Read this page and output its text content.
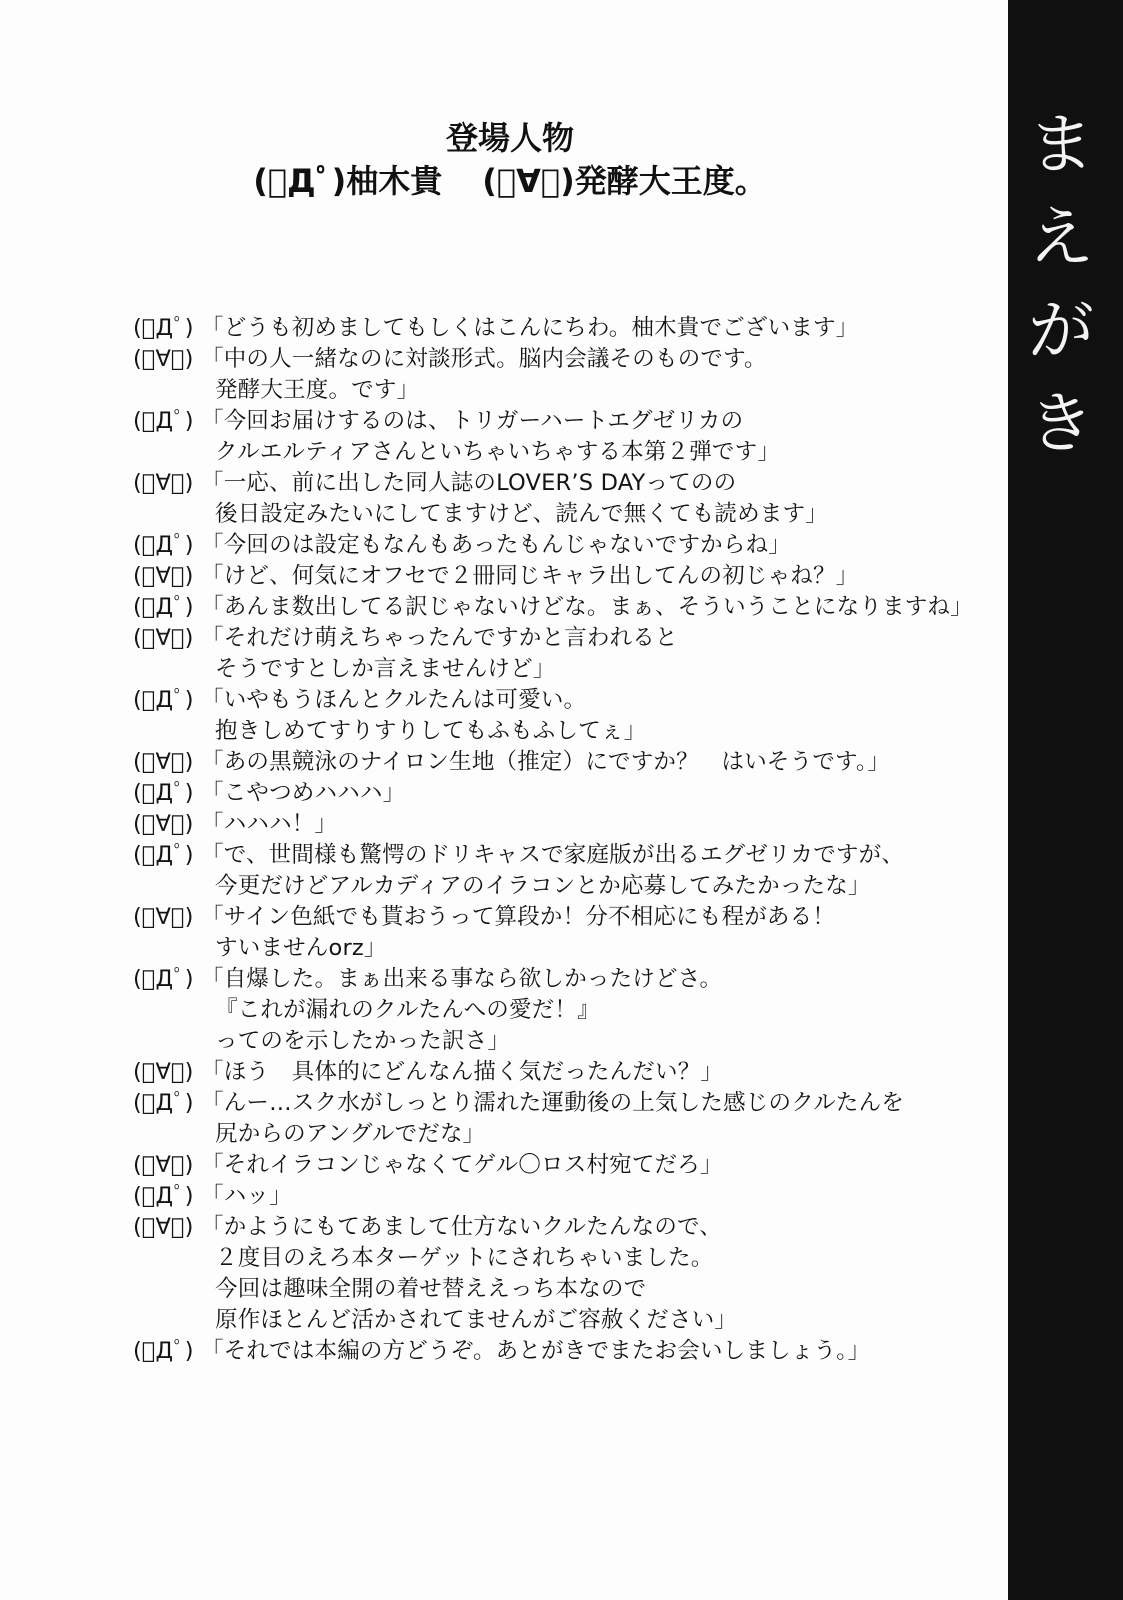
登場人物
(ﾟДﾟ)柚木貴 (ﾟ∀ﾟ)発酵大王度。
(ﾟДﾟ) 「どうも初めましてもしくはこんにちわ。柚木貴でございます」
(ﾟ∀ﾟ) 「中の人一緒なのに対談形式。脳内会議そのものです。
発酵大王度。です」
(ﾟДﾟ) 「今回お届けするのは、トリガーハートエグゼリカの
クルエルティアさんといちゃいちゃする本第２弾です」
(ﾟ∀ﾟ) 「一応、前に出した同人誌のLOVER’S DAYってのの
後日設定みたいにしてますけど、読んで無くても読めます」
(ﾟДﾟ) 「今回のは設定もなんもあったもんじゃないですからね」
(ﾟ∀ﾟ) 「けど、何気にオフセで２冊同じキャラ出してんの初じゃね？」
(ﾟДﾟ) 「あんま数出してる訳じゃないけどな。まぁ、そういうことになりますね」
(ﾟ∀ﾟ) 「それだけ萌えちゃったんですかと言われると
そうですとしか言えませんけど」
(ﾟДﾟ) 「いやもうほんとクルたんは可愛い。
抱きしめてすりすりしてもふもふしてぇ」
(ﾟ∀ﾟ) 「あの黒競泳のナイロン生地（推定）にですか？　はいそうです。」
(ﾟДﾟ) 「こやつめハハハ」
(ﾟ∀ﾟ) 「ハハハ！」
(ﾟДﾟ) 「で、世間様も驚愕のドリキャスで家庭版が出るエグゼリカですが、
今更だけどアルカディアのイラコンとか応募してみたかったな」
(ﾟ∀ﾟ) 「サイン色紙でも貰おうって算段か！分不相応にも程がある！
すいませんorz」
(ﾟДﾟ) 「自爆した。まぁ出来る事なら欲しかったけどさ。
『これが漏れのクルたんへの愛だ！』
ってのを示したかった訳さ」
(ﾟ∀ﾟ) 「ほう　具体的にどんなん描く気だったんだい？」
(ﾟДﾟ) 「んー…スク水がしっとり濡れた運動後の上気した感じのクルたんを
尻からのアングルでだな」
(ﾟ∀ﾟ) 「それイラコンじゃなくてゲル〇ロス村宛てだろ」
(ﾟДﾟ) 「ハッ」
(ﾟ∀ﾟ) 「かようにもてあまして仕方ないクルたんなので、
２度目のえろ本ターゲットにされちゃいました。
今回は趣味全開の着せ替ええっち本なので
原作ほとんど活かされてませんがご容赦ください」
(ﾟДﾟ) 「それでは本編の方どうぞ。あとがきでまたお会いしましょう。」
ま
え
が
き
